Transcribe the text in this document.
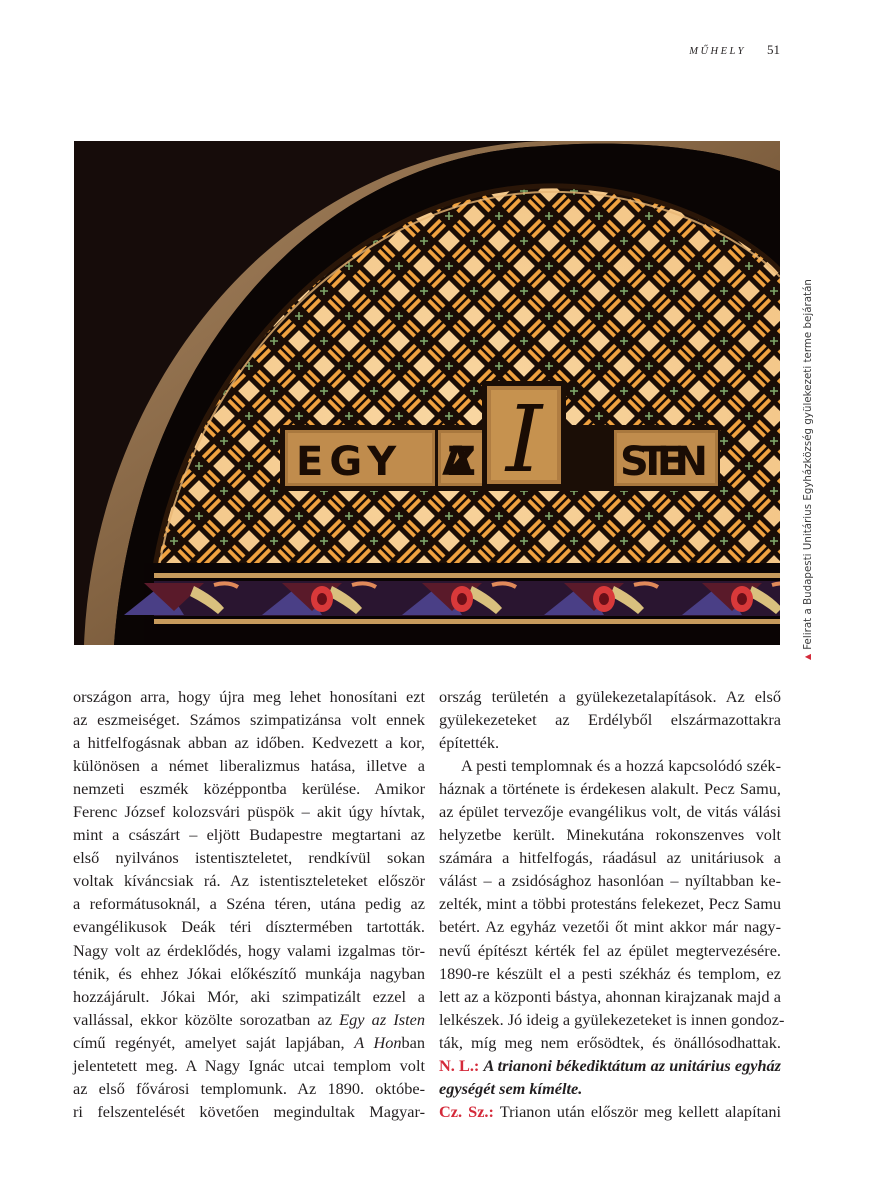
MŰHELY 51
EGY AZ I STEN
▲Felirat a Budapesti Unitárius Egyházközség gyülekezeti terme bejáratán
országon arra, hogy újra meg lehet honosítani ezt
az eszmeiséget. Számos szimpatizánsa volt ennek
a hitfelfogásnak abban az időben. Kedvezett a kor,
különösen a német liberalizmus hatása, illetve a
nemzeti eszmék középpontba kerülése. Amikor
Ferenc József kolozsvári püspök – akit úgy hívtak,
mint a császárt – eljött Budapestre megtartani az
első nyilvános istentiszteletet, rendkívül sokan
voltak kíváncsiak rá. Az istentiszteleteket először
a reformátusoknál, a Széna téren, utána pedig az
evangélikusok Deák téri dísztermében tartották.
Nagy volt az érdeklődés, hogy valami izgalmas tör-
ténik, és ehhez Jókai előkészítő munkája nagyban
hozzájárult. Jókai Mór, aki szimpatizált ezzel a
vallással, ekkor közölte sorozatban az Egy az Isten
című regényét, amelyet saját lapjában, A Honban
jelentetett meg. A Nagy Ignác utcai templom volt
az első fővárosi templomunk. Az 1890. októbe-
ri felszentelését követően megindultak Magyar-
ország területén a gyülekezetalapítások. Az első
gyülekezeteket az Erdélyből elszármazottakra
építették.
A pesti templomnak és a hozzá kapcsolódó szék-
háznak a története is érdekesen alakult. Pecz Samu,
az épület tervezője evangélikus volt, de vitás válási
helyzetbe került. Minekutána rokonszenves volt
számára a hitfelfogás, ráadásul az unitáriusok a
válást – a zsidósághoz hasonlóan – nyíltabban ke-
zelték, mint a többi protestáns felekezet, Pecz Samu
betért. Az egyház vezetői őt mint akkor már nagy-
nevű építészt kérték fel az épület megtervezésére.
1890-re készült el a pesti székház és templom, ez
lett az a központi bástya, ahonnan kirajzanak majd a
lelkészek. Jó ideig a gyülekezeteket is innen gondoz-
ták, míg meg nem erősödtek, és önállósodhattak.
N. L.: A trianoni békediktátum az unitárius egyház
egységét sem kímélte.
Cz. Sz.: Trianon után először meg kellett alapítani
